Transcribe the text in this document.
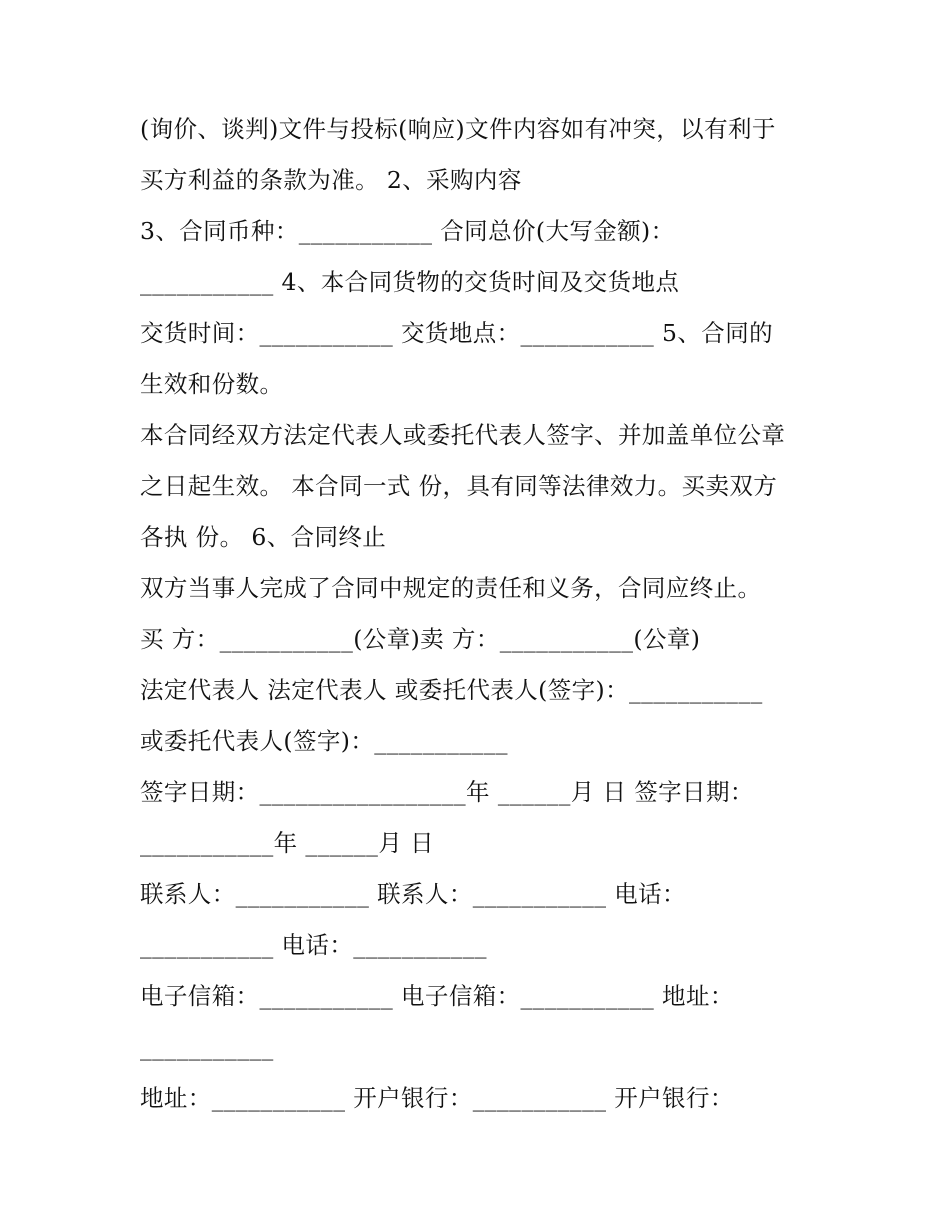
(询价、谈判)文件与投标(响应)文件内容如有冲突，以有利于
买方利益的条款为准。 2、采购内容
3、合同币种：___________ 合同总价(大写金额)：
___________ 4、本合同货物的交货时间及交货地点
交货时间：___________ 交货地点：___________ 5、合同的
生效和份数。
本合同经双方法定代表人或委托代表人签字、并加盖单位公章
之日起生效。 本合同一式 份，具有同等法律效力。买卖双方
各执 份。 6、合同终止
双方当事人完成了合同中规定的责任和义务，合同应终止。
买 方：___________(公章)卖 方：___________(公章)
法定代表人 法定代表人 或委托代表人(签字)：___________
或委托代表人(签字)：___________
签字日期：_________________年 ______月 日 签字日期：
___________年 ______月 日
联系人：___________ 联系人：___________ 电话：
___________ 电话：___________
电子信箱：___________ 电子信箱：___________ 地址：
___________
地址：___________ 开户银行：___________ 开户银行：
